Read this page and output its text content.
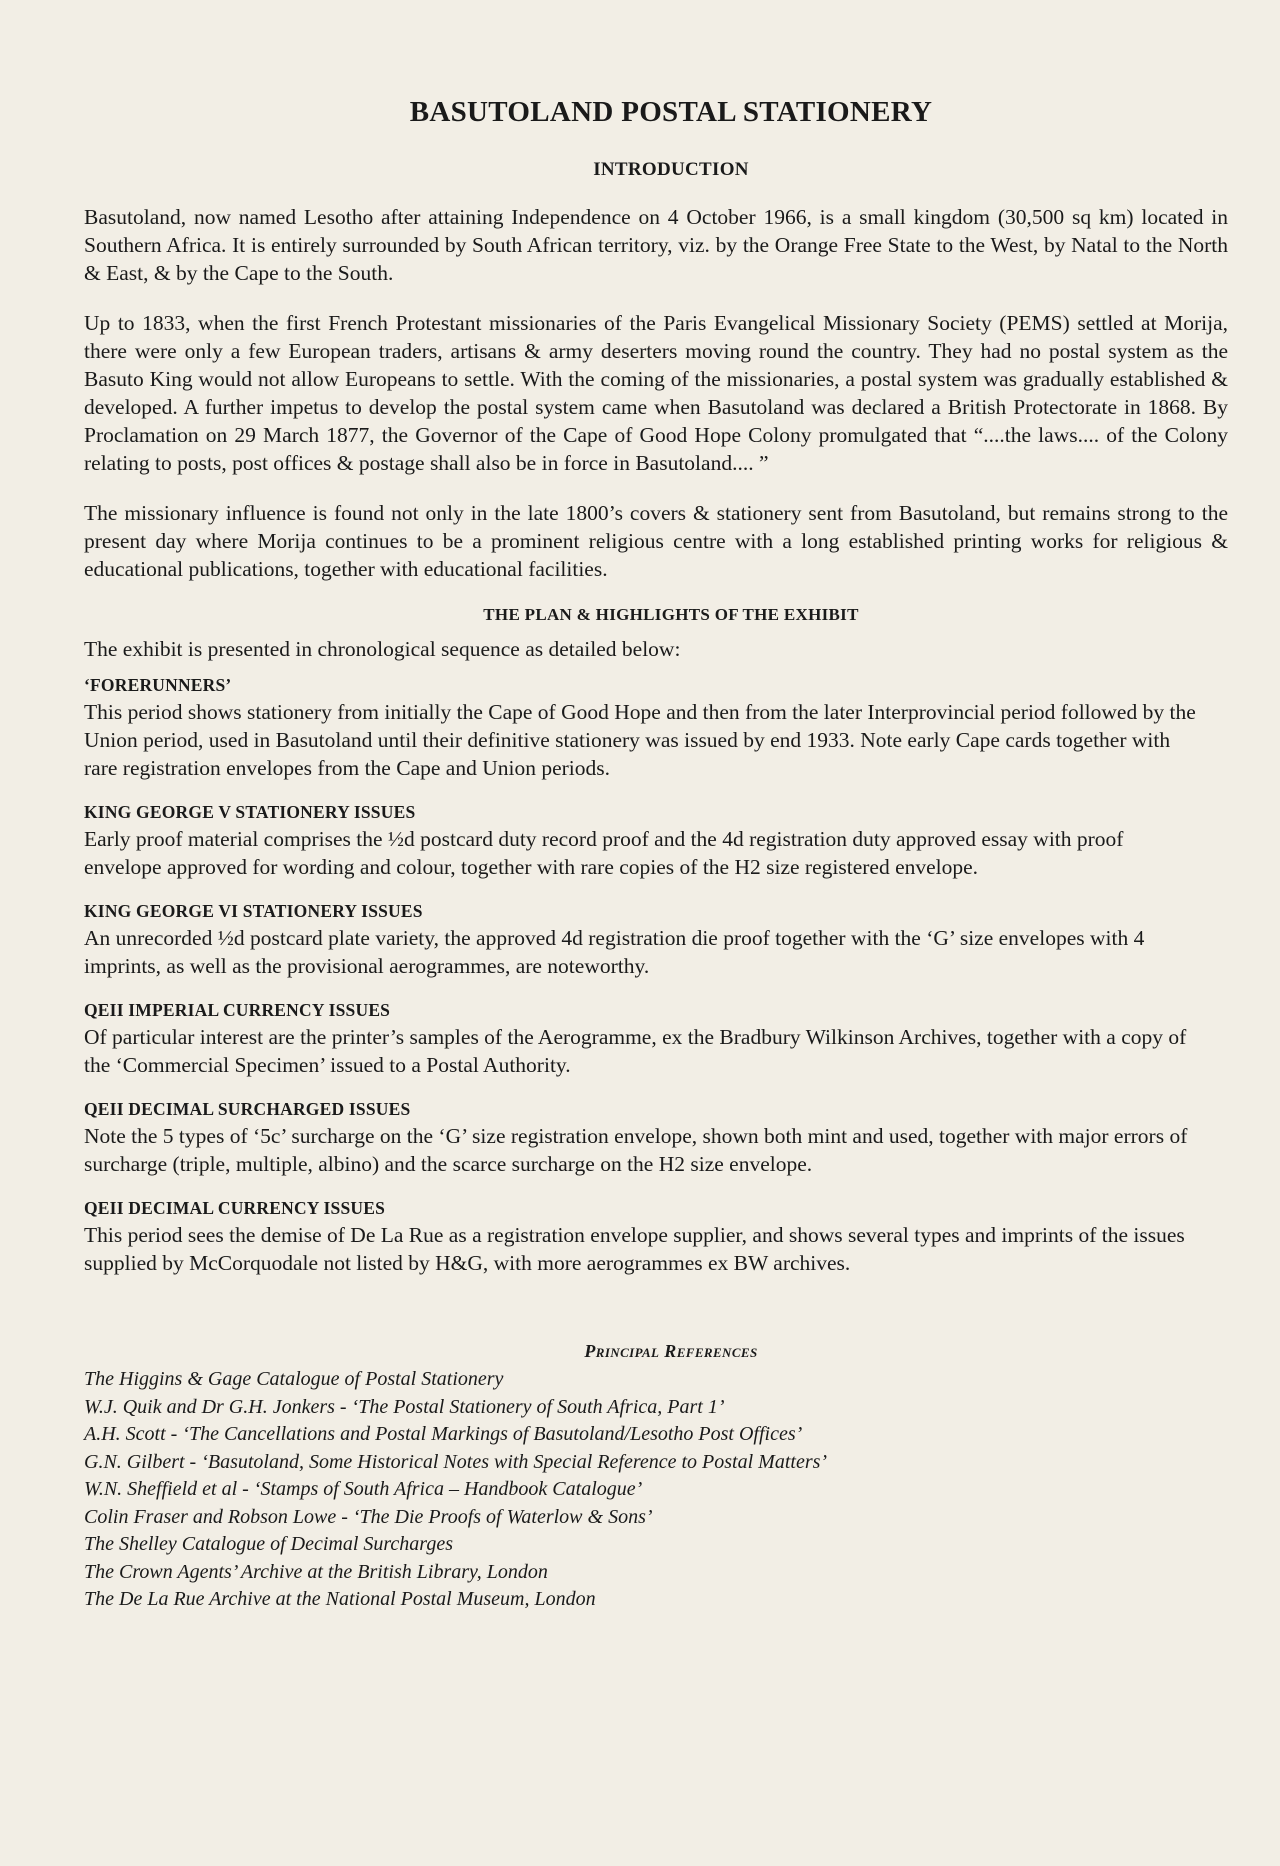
BASUTOLAND POSTAL STATIONERY
INTRODUCTION

Basutoland, now named Lesotho after attaining Independence on 4 October 1966, is a small kingdom (30,500 sq km) located in Southern Africa. It is entirely surrounded by South African territory, viz. by the Orange Free State to the West, by Natal to the North & East, & by the Cape to the South.

Up to 1833, when the first French Protestant missionaries of the Paris Evangelical Missionary Society (PEMS) settled at Morija, there were only a few European traders, artisans & army deserters moving round the country. They had no postal system as the Basuto King would not allow Europeans to settle. With the coming of the missionaries, a postal system was gradually established & developed. A further impetus to develop the postal system came when Basutoland was declared a British Protectorate in 1868. By Proclamation on 29 March 1877, the Governor of the Cape of Good Hope Colony promulgated that “....the laws.... of the Colony relating to posts, post offices & postage shall also be in force in Basutoland.... ”

The missionary influence is found not only in the late 1800’s covers & stationery sent from Basutoland, but remains strong to the present day where Morija continues to be a prominent religious centre with a long established printing works for religious & educational publications, together with educational facilities.

THE PLAN & HIGHLIGHTS OF THE EXHIBIT

The exhibit is presented in chronological sequence as detailed below:

‘FORERUNNERS’

This period shows stationery from initially the Cape of Good Hope and then from the later Interprovincial period followed by the Union period, used in Basutoland until their definitive stationery was issued by end 1933. Note early Cape cards together with rare registration envelopes from the Cape and Union periods.

KING GEORGE V STATIONERY ISSUES

Early proof material comprises the ½d postcard duty record proof and the 4d registration duty approved essay with proof envelope approved for wording and colour, together with rare copies of the H2 size registered envelope.

KING GEORGE VI STATIONERY ISSUES

An unrecorded ½d postcard plate variety, the approved 4d registration die proof together with the ‘G’ size envelopes with 4 imprints, as well as the provisional aerogrammes, are noteworthy.

QEII IMPERIAL CURRENCY ISSUES

Of particular interest are the printer’s samples of the Aerogramme, ex the Bradbury Wilkinson Archives, together with a copy of the ‘Commercial Specimen’ issued to a Postal Authority.

QEII DECIMAL SURCHARGED ISSUES

Note the 5 types of ‘5c’ surcharge on the ‘G’ size registration envelope, shown both mint and used, together with major errors of surcharge (triple, multiple, albino) and the scarce surcharge on the H2 size envelope.

QEII DECIMAL CURRENCY ISSUES

This period sees the demise of De La Rue as a registration envelope supplier, and shows several types and imprints of the issues supplied by McCorquodale not listed by H&G, with more aerogrammes ex BW archives.

Principal References

The Higgins & Gage Catalogue of Postal Stationery

W.J. Quik and Dr G.H. Jonkers - ‘The Postal Stationery of South Africa, Part 1’

A.H. Scott - ‘The Cancellations and Postal Markings of Basutoland/Lesotho Post Offices’

G.N. Gilbert - ‘Basutoland, Some Historical Notes with Special Reference to Postal Matters’

W.N. Sheffield et al - ‘Stamps of South Africa – Handbook Catalogue’

Colin Fraser and Robson Lowe - ‘The Die Proofs of Waterlow & Sons’

The Shelley Catalogue of Decimal Surcharges

The Crown Agents’ Archive at the British Library, London

The De La Rue Archive at the National Postal Museum, London
